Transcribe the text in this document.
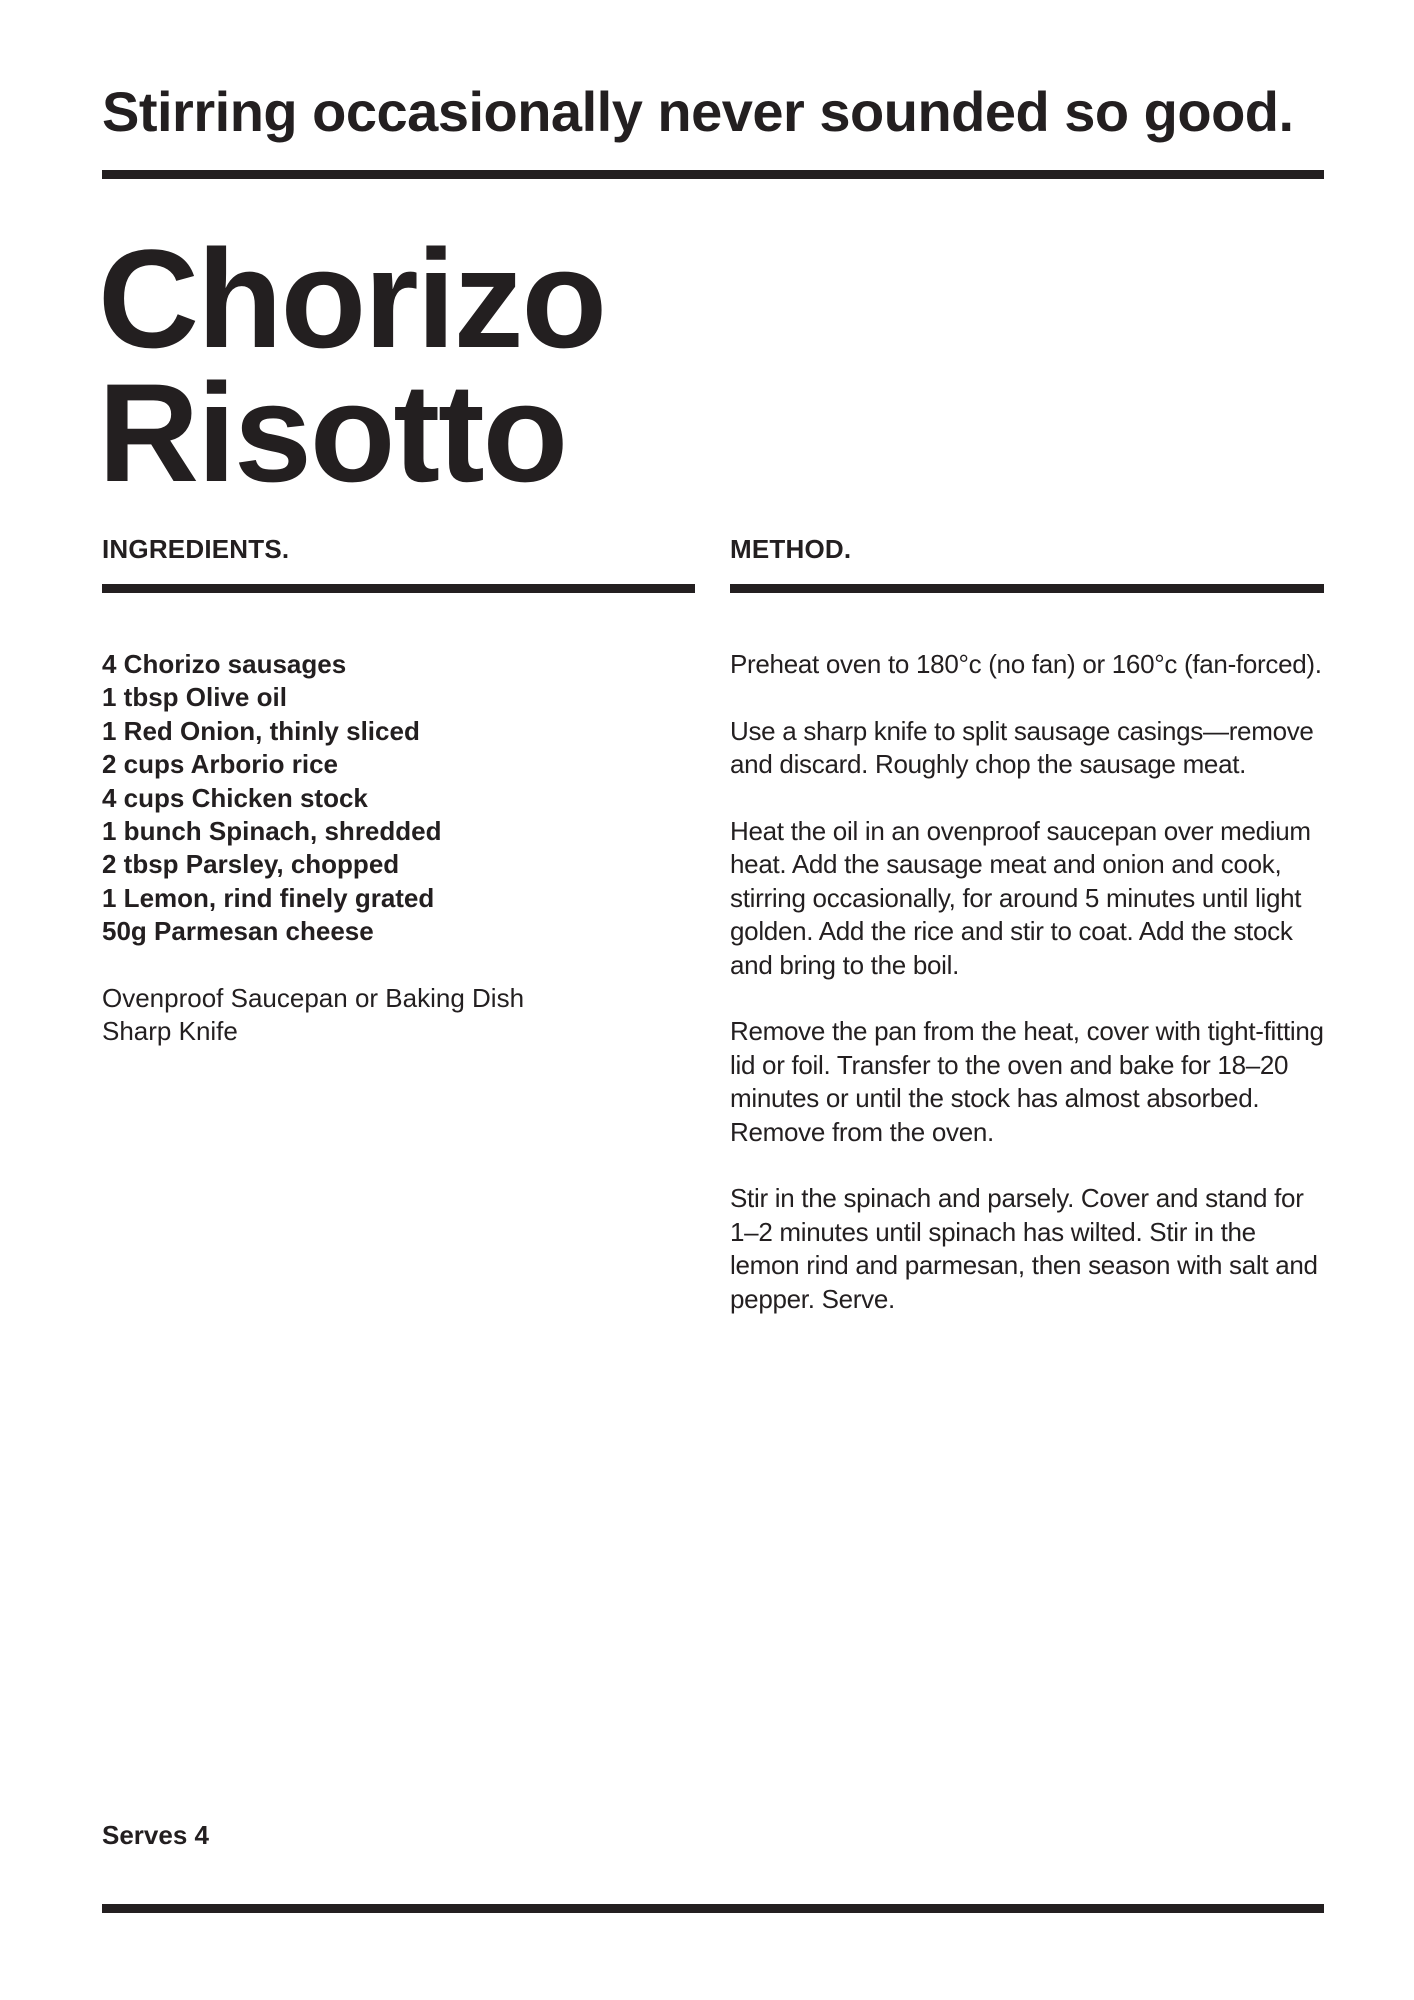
Stirring occasionally never sounded so good.
Chorizo
Risotto
INGREDIENTS.	METHOD.
4 Chorizo sausages
1 tbsp Olive oil
1 Red Onion, thinly sliced
2 cups Arborio rice
4 cups Chicken stock
1 bunch Spinach, shredded
2 tbsp Parsley, chopped
1 Lemon, rind finely grated
50g Parmesan cheese
Ovenproof Saucepan or Baking Dish
Sharp Knife

Preheat oven to 180°c (no fan) or 160°c (fan-forced).

Use a sharp knife to split sausage casings—remove and discard. Roughly chop the sausage meat.

Heat the oil in an ovenproof saucepan over medium heat. Add the sausage meat and onion and cook, stirring occasionally, for around 5 minutes until light golden. Add the rice and stir to coat. Add the stock and bring to the boil.

Remove the pan from the heat, cover with tight-fitting lid or foil. Transfer to the oven and bake for 18–20 minutes or until the stock has almost absorbed. Remove from the oven.

Stir in the spinach and parsely. Cover and stand for 1–2 minutes until spinach has wilted. Stir in the lemon rind and parmesan, then season with salt and pepper. Serve.

Serves 4
